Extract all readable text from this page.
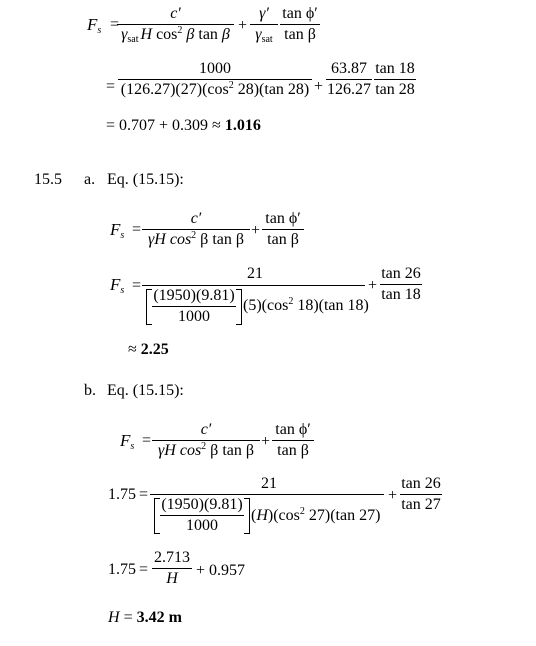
$F_s$ =
c′
$\gamma_{sat}$ H $\cos^2 \beta$ tan β
+
γ′
$\gamma_{sat}$
tan ϕ′
tan β
=
1000
$(126.27)(27)(\cos^2$ 28)(tan 28) +
63.87
126.27
tan 18
tan 28
= 0.707 + 0.309 ≈ 1.016
15.5 a. Eq. (15.15):
$F_s$ =
c′
γH $\cos^2 \beta$ tan β
+
tan ϕ′
tan β
$F_s$ =
21
(1950)(9.81)
1000
$(5)(\cos^2$ 18)(tan 18)
+
tan 26
tan 18
≈ 2.25
b. Eq. (15.15):
$F_s$ =
c′
γH $\cos^2 \beta$ tan β
+
tan ϕ′
tan β
1.75 =
21
(1950)(9.81)
1000
$(H)(\cos^2$ 27)(tan 27)
+
tan 26
tan 27
1.75 =
2.713
H	+ 0.957
H = 3.42 m
